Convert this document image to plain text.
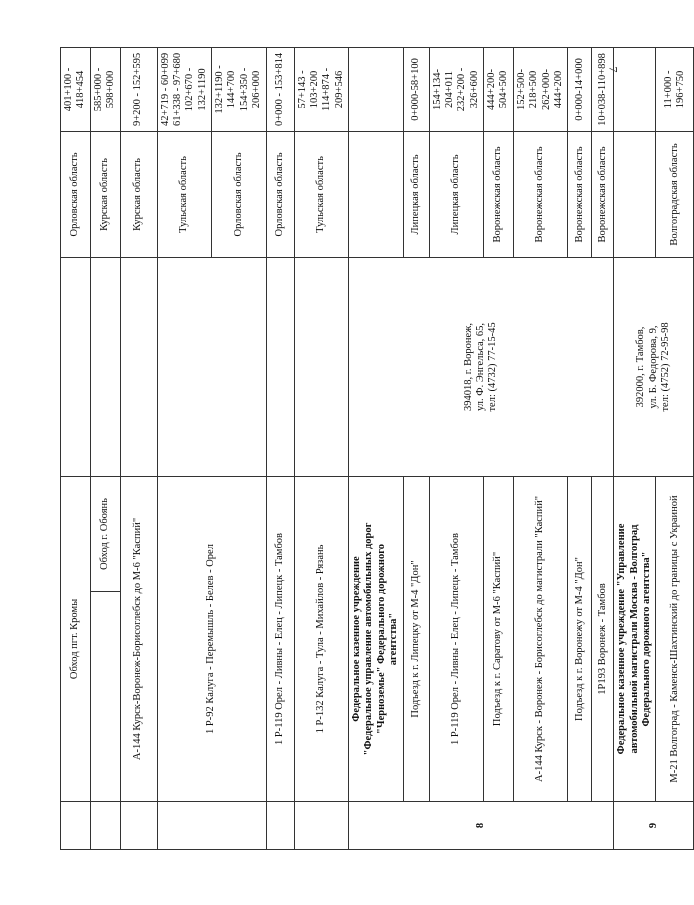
7
	Обход пгт. Кромы			Орловская область	401+100 - 418+454
		Обход г. Обоянь		Курская область	585+000 - 598+000
	А-144 Курск-Воронеж-Борисоглебск до М-6 "Каспий"			Курская область	9+200 - 152+595
	1 Р-92 Калуга - Перемышль - Белев - Орел			Тульская область	42+719 - 60+099 61+338 - 97+680 102+670 - 132+1190

				Орловская область	132+1190 - 144+700 154+350 - 206+000

	1 Р-119 Орел - Ливны - Елец - Липецк - Тамбов			Орловская область	0+000 - 153+814
	1 Р-132 Калуга - Тула - Михайлов - Рязань			Тульская область	57+143 - 103+200 114+874 - 209+546

8	Федеральное казенное учреждение "Федеральное управление автомобильных дорог "Черноземье" Федерального дорожного агентства"		394018, г. Воронеж, ул. Ф. Энгельса, 65, тел: (4732) 77-15-45		

	Подъезд к г. Липецку от М-4 "Дон"			Липецкая область	0+000-58+100
	1 Р-119 Орел - Ливны - Елец - Липецк - Тамбов			Липецкая область	154+134-204+011 232+200 - 326+600

	Подъезд к г. Саратову от М-6 "Каспий"			Воронежская область	444+200-504+500
	А-144 Курск - Воронеж - Борисоглебск до магистрали "Каспий"			Воронежская область	152+500-218+500 262+000-444+200

	Подъезд к г. Воронежу от М-4 "Дон"			Воронежская область	0+000-14+000
	1Р193 Воронеж - Тамбов			Воронежская область	10+038-110+898
9	Федеральное казенное учреждение "Управление автомобильной магистрали Москва - Волгоград Федерального дорожного агентства"		392000, г. Тамбов, ул. Б. Федорова, 9, тел: (4752) 72-95-98		

	М-21 Волгоград - Каменск-Шахтинский до границы с Украиной			Волгоградская область	11+000 - 196+750
